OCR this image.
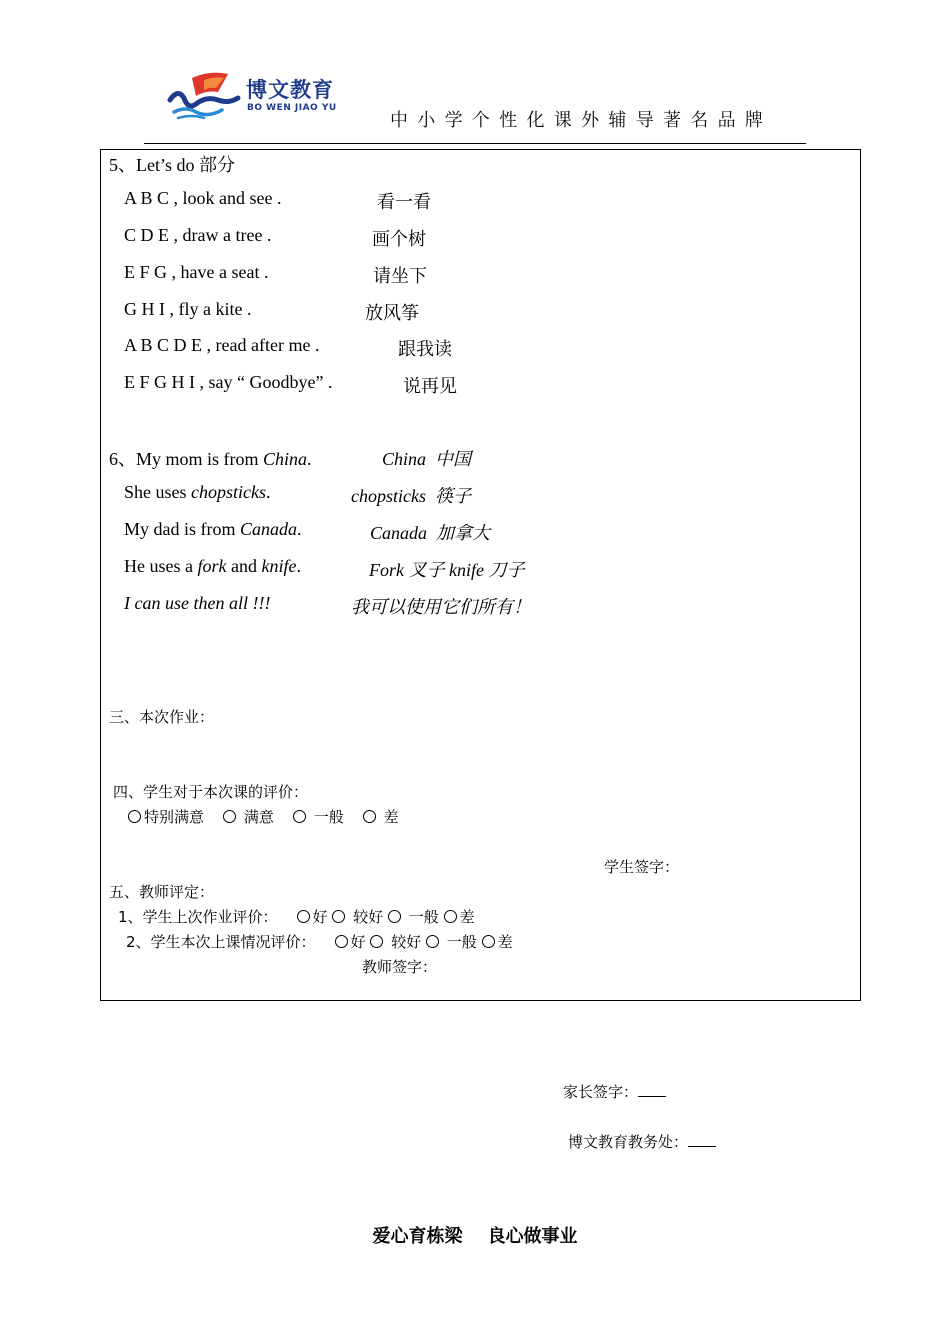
博文教育
BO WEN JIAO YU
中小学个性化课外辅导著名品牌
5、Let’s do 部分
A B C , look and see .	看一看
C D E , draw a tree .	画个树
E F G , have a seat .	请坐下
G H I , fly a kite .	放风筝
A B C D E , read after me .	跟我读
E F G H I , say “ Goodbye” .	说再见
6、My mom is from China.	China 中国
She uses chopsticks.	chopsticks 筷子
My dad is from Canada.	Canada 加拿大
He uses a fork and knife.	Fork 叉子 knife 刀子
I can use then all !!!	我可以使用它们所有！
三、本次作业：
四、学生对于本次课的评价：
特别满意	满意	一般	差
学生签字：
五、教师评定：
1、学生上次作业评价： 好 较好 一般 差
2、学生本次上课情况评价： 好 较好 一般 差
教师签字：
家长签字：
博文教育教务处：
爱心育栋梁    良心做事业
